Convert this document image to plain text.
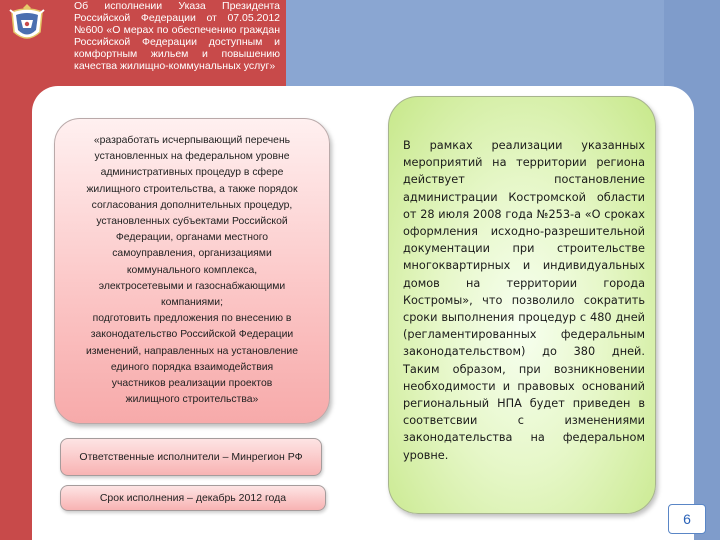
Об исполнении Указа Президента Российской Федерации от 07.05.2012 №600 «О мерах по обеспечению граждан Российской Федерации доступным и комфортным жильем и повышению качества жилищно-коммунальных услуг»
«разработать исчерпывающий перечень
установленных на федеральном уровне
административных процедур в сфере
жилищного строительства, а также порядок
согласования дополнительных процедур,
установленных субъектами Российской
Федерации, органами местного
самоуправления, организациями
коммунального комплекса,
электросетевыми и газоснабжающими
компаниями;
подготовить предложения по внесению в
законодательство Российской Федерации
изменений, направленных на установление
единого порядка взаимодействия
участников реализации проектов
жилищного строительства»
Ответственные исполнители – Минрегион РФ
Срок исполнения – декабрь 2012 года
В рамках реализации указанных мероприятий на территории региона действует постановление администрации Костромской области от 28 июля 2008 года №253-а «О сроках оформления исходно-разрешительной документации при строительстве многоквартирных и индивидуальных домов на территории города Костромы», что позволило сократить сроки выполнения процедур с 480 дней (регламентированных федеральным законодательством) до 380 дней. Таким образом, при возникновении необходимости и правовых оснований региональный НПА будет приведен в соответсвии с изменениями законодательства на федеральном уровне.
6
